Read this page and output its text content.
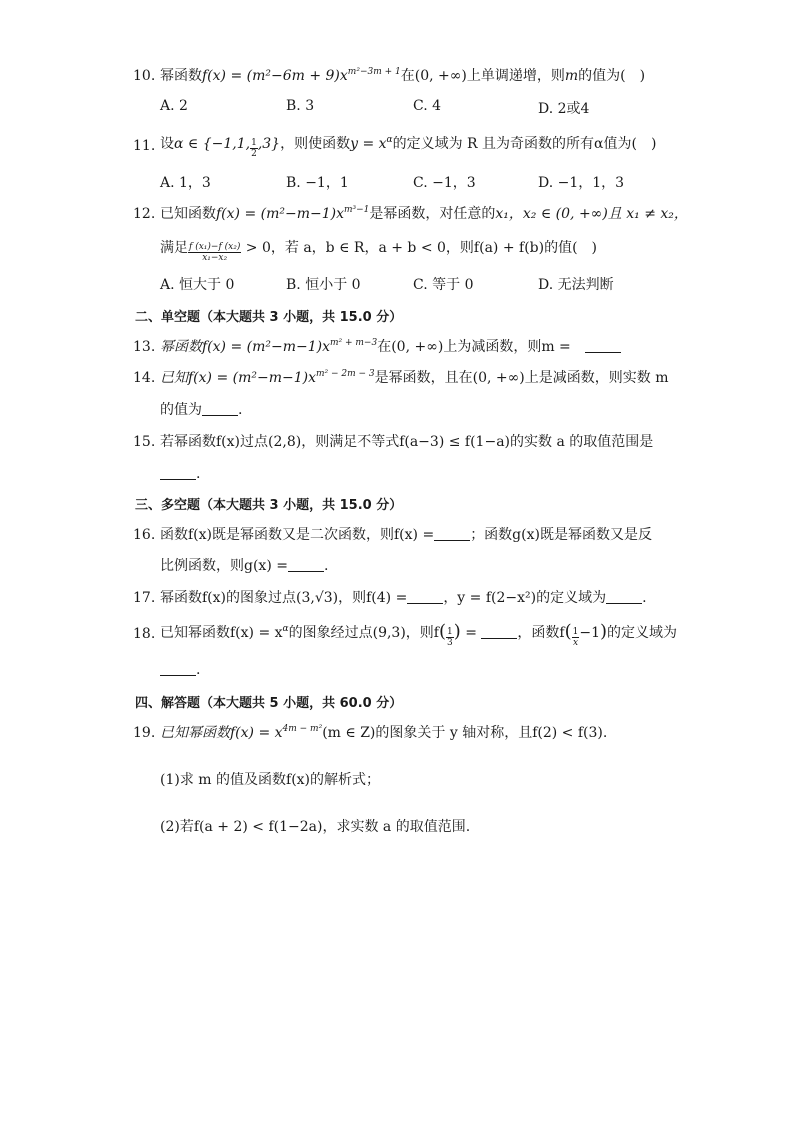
10. 幂函数$f(x) = (m^2-6m + 9)x^{m^2-3m + 1}$在(0, +∞)上单调递增，则m的值为(　)
A. 2	B. 3	C. 4	D. 2或4
11. 设α ∈ {−1,1, $\frac{1}{2} ,3$}，则使函数$y = x^\alpha$的定义域为 R 且为奇函数的所有α值为(　)
A. 1，3	B. −1，1	C. −1，3	D. −1，1，3
12. 已知函数$f(x) = (m^2-m-1)x^{m^3-1}$是幂函数，对任意的x₁，x₂ ∈ (0, +∞)且 x₁ ≠ x₂，
满足 $\frac{\text{f (x₁)−f (x₂)}}{\text{x₁−x₂}} > 0$，若 a，b ∈ R，a + b < 0，则f(a) + f(b)的值(　)
A. 恒大于 0	B. 恒小于 0	C. 等于 0	D. 无法判断
二、单空题（本大题共 3 小题，共 15.0 分）
13. 幂函数$f(x) = (m^2-m-1)x^{m^2 + m-3}$在(0, +∞)上为减函数，则m =　
14. 已知$f(x) = (m^2-m-1)x^{m^2 - 2m - 3}$是幂函数，且在(0, +∞)上是减函数，则实数 m
的值为	.
15. 若幂函数f(x)过点(2,8)，则满足不等式f(a−3) ≤ f(1−a)的实数 a 的取值范围是
.
三、多空题（本大题共 3 小题，共 15.0 分）
16. 函数f(x)既是幂函数又是二次函数，则f(x) =	；函数g(x)既是幂函数又是反
比例函数，则g(x) =	.
17. 幂函数f(x)的图象过点(3,√3)，则f(4) =	，y = f(2−x²)的定义域为	.
18. 已知幂函数$f(x) = x^\alpha$的图象经过点(9,3)，则$f( \frac{1}{3}$ ) =	，函数$f( \frac{1}{x} -1)$的定义域为
.
四、解答题（本大题共 5 小题，共 60.0 分）
19. 已知幂函数$f(x) = x^{4m - m^2}(m$ ∈ Z)的图象关于 y 轴对称，且f(2) < f(3).
(1)求 m 的值及函数f(x)的解析式；
(2)若f(a + 2) < f(1−2a)，求实数 a 的取值范围.
